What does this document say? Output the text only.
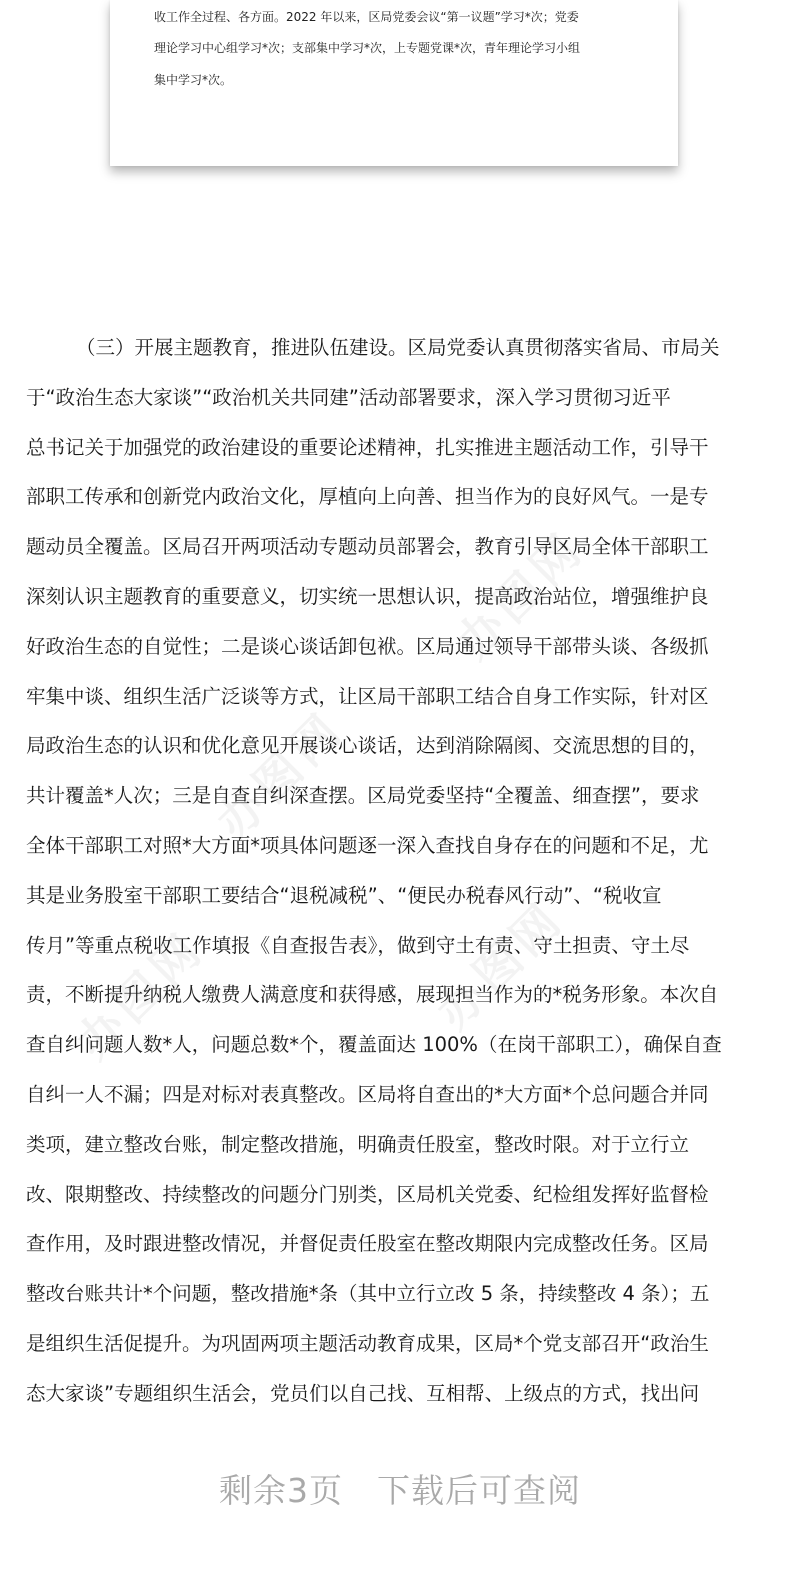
收工作全过程、各方面。2022 年以来，区局党委会议“第一议题”学习*次；党委
理论学习中心组学习*次；支部集中学习*次，上专题党课*次，青年理论学习小组
集中学习*次。
办图网
办图网
办图网
办图网
（三）开展主题教育，推进队伍建设。区局党委认真贯彻落实省局、市局关
于“政治生态大家谈”“政治机关共同建”活动部署要求，深入学习贯彻习近平
总书记关于加强党的政治建设的重要论述精神，扎实推进主题活动工作，引导干
部职工传承和创新党内政治文化，厚植向上向善、担当作为的良好风气。一是专
题动员全覆盖。区局召开两项活动专题动员部署会，教育引导区局全体干部职工
深刻认识主题教育的重要意义，切实统一思想认识，提高政治站位，增强维护良
好政治生态的自觉性；二是谈心谈话卸包袱。区局通过领导干部带头谈、各级抓
牢集中谈、组织生活广泛谈等方式，让区局干部职工结合自身工作实际，针对区
局政治生态的认识和优化意见开展谈心谈话，达到消除隔阂、交流思想的目的，
共计覆盖*人次；三是自查自纠深查摆。区局党委坚持“全覆盖、细查摆”，要求
全体干部职工对照*大方面*项具体问题逐一深入查找自身存在的问题和不足，尤
其是业务股室干部职工要结合“退税减税”、“便民办税春风行动”、“税收宣
传月”等重点税收工作填报《自查报告表》，做到守土有责、守土担责、守土尽
责，不断提升纳税人缴费人满意度和获得感，展现担当作为的*税务形象。本次自
查自纠问题人数*人，问题总数*个，覆盖面达 100%（在岗干部职工），确保自查
自纠一人不漏；四是对标对表真整改。区局将自查出的*大方面*个总问题合并同
类项，建立整改台账，制定整改措施，明确责任股室，整改时限。对于立行立
改、限期整改、持续整改的问题分门别类，区局机关党委、纪检组发挥好监督检
查作用，及时跟进整改情况，并督促责任股室在整改期限内完成整改任务。区局
整改台账共计*个问题，整改措施*条（其中立行立改 5 条，持续整改 4 条）；五
是组织生活促提升。为巩固两项主题活动教育成果，区局*个党支部召开“政治生
态大家谈”专题组织生活会，党员们以自己找、互相帮、上级点的方式，找出问
剩余3页 下载后可查阅
